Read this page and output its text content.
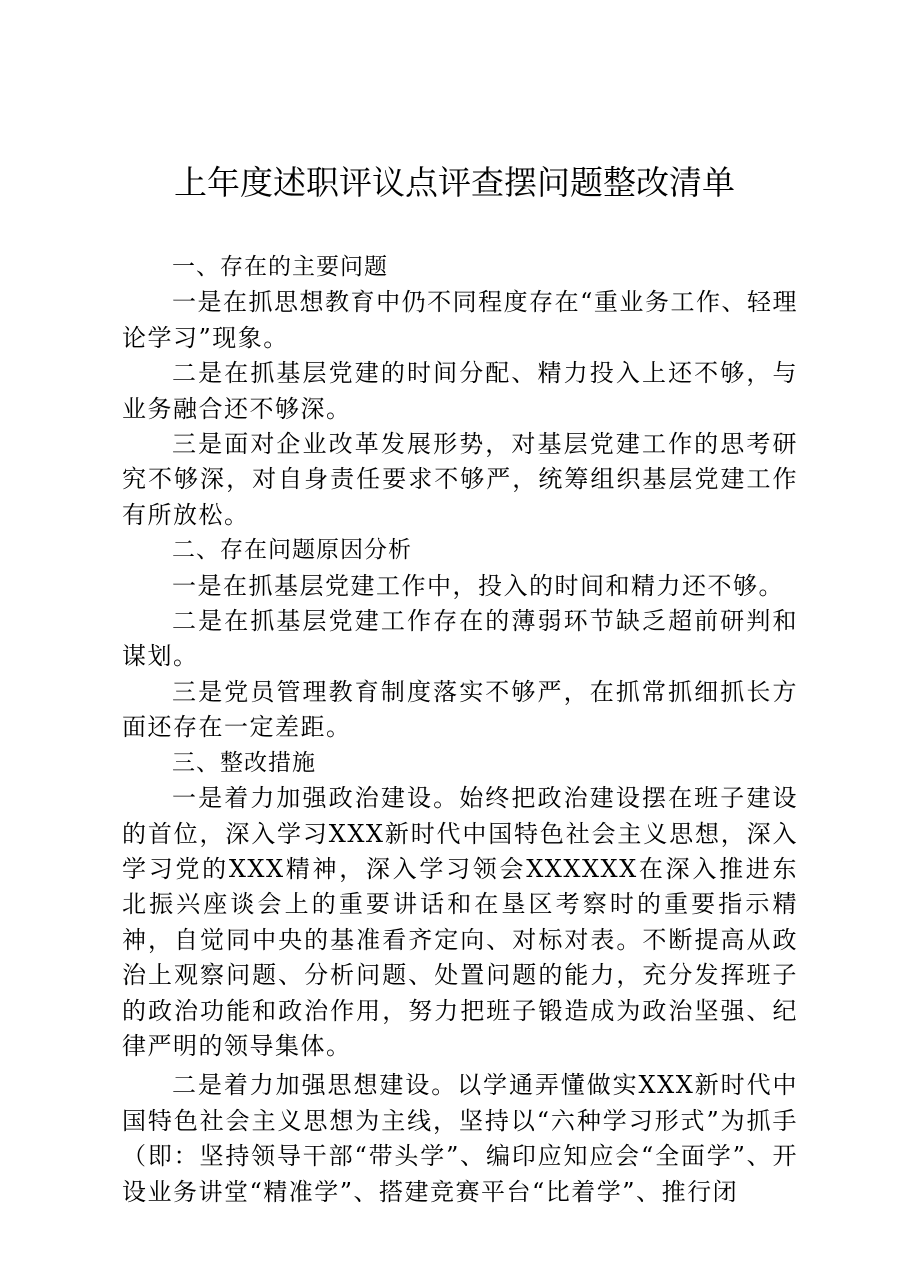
上年度述职评议点评查摆问题整改清单
一、存在的主要问题

一是在抓思想教育中仍不同程度存在“重业务工作、轻理论学习”现象。

二是在抓基层党建的时间分配、精力投入上还不够，与业务融合还不够深。

三是面对企业改革发展形势，对基层党建工作的思考研究不够深，对自身责任要求不够严，统筹组织基层党建工作有所放松。

二、存在问题原因分析

一是在抓基层党建工作中，投入的时间和精力还不够。

二是在抓基层党建工作存在的薄弱环节缺乏超前研判和谋划。

三是党员管理教育制度落实不够严，在抓常抓细抓长方面还存在一定差距。

三、整改措施

一是着力加强政治建设。始终把政治建设摆在班子建设的首位，深入学习XXX新时代中国特色社会主义思想，深入学习党的XXX精神，深入学习领会XXXXXX在深入推进东北振兴座谈会上的重要讲话和在垦区考察时的重要指示精神，自觉同中央的基准看齐定向、对标对表。不断提高从政治上观察问题、分析问题、处置问题的能力，充分发挥班子的政治功能和政治作用，努力把班子锻造成为政治坚强、纪律严明的领导集体。

二是着力加强思想建设。以学通弄懂做实XXX新时代中国特色社会主义思想为主线，坚持以“六种学习形式”为抓手（即：坚持领导干部“带头学”、编印应知应会“全面学”、开设业务讲堂“精准学”、搭建竞赛平台“比着学”、推行闭
